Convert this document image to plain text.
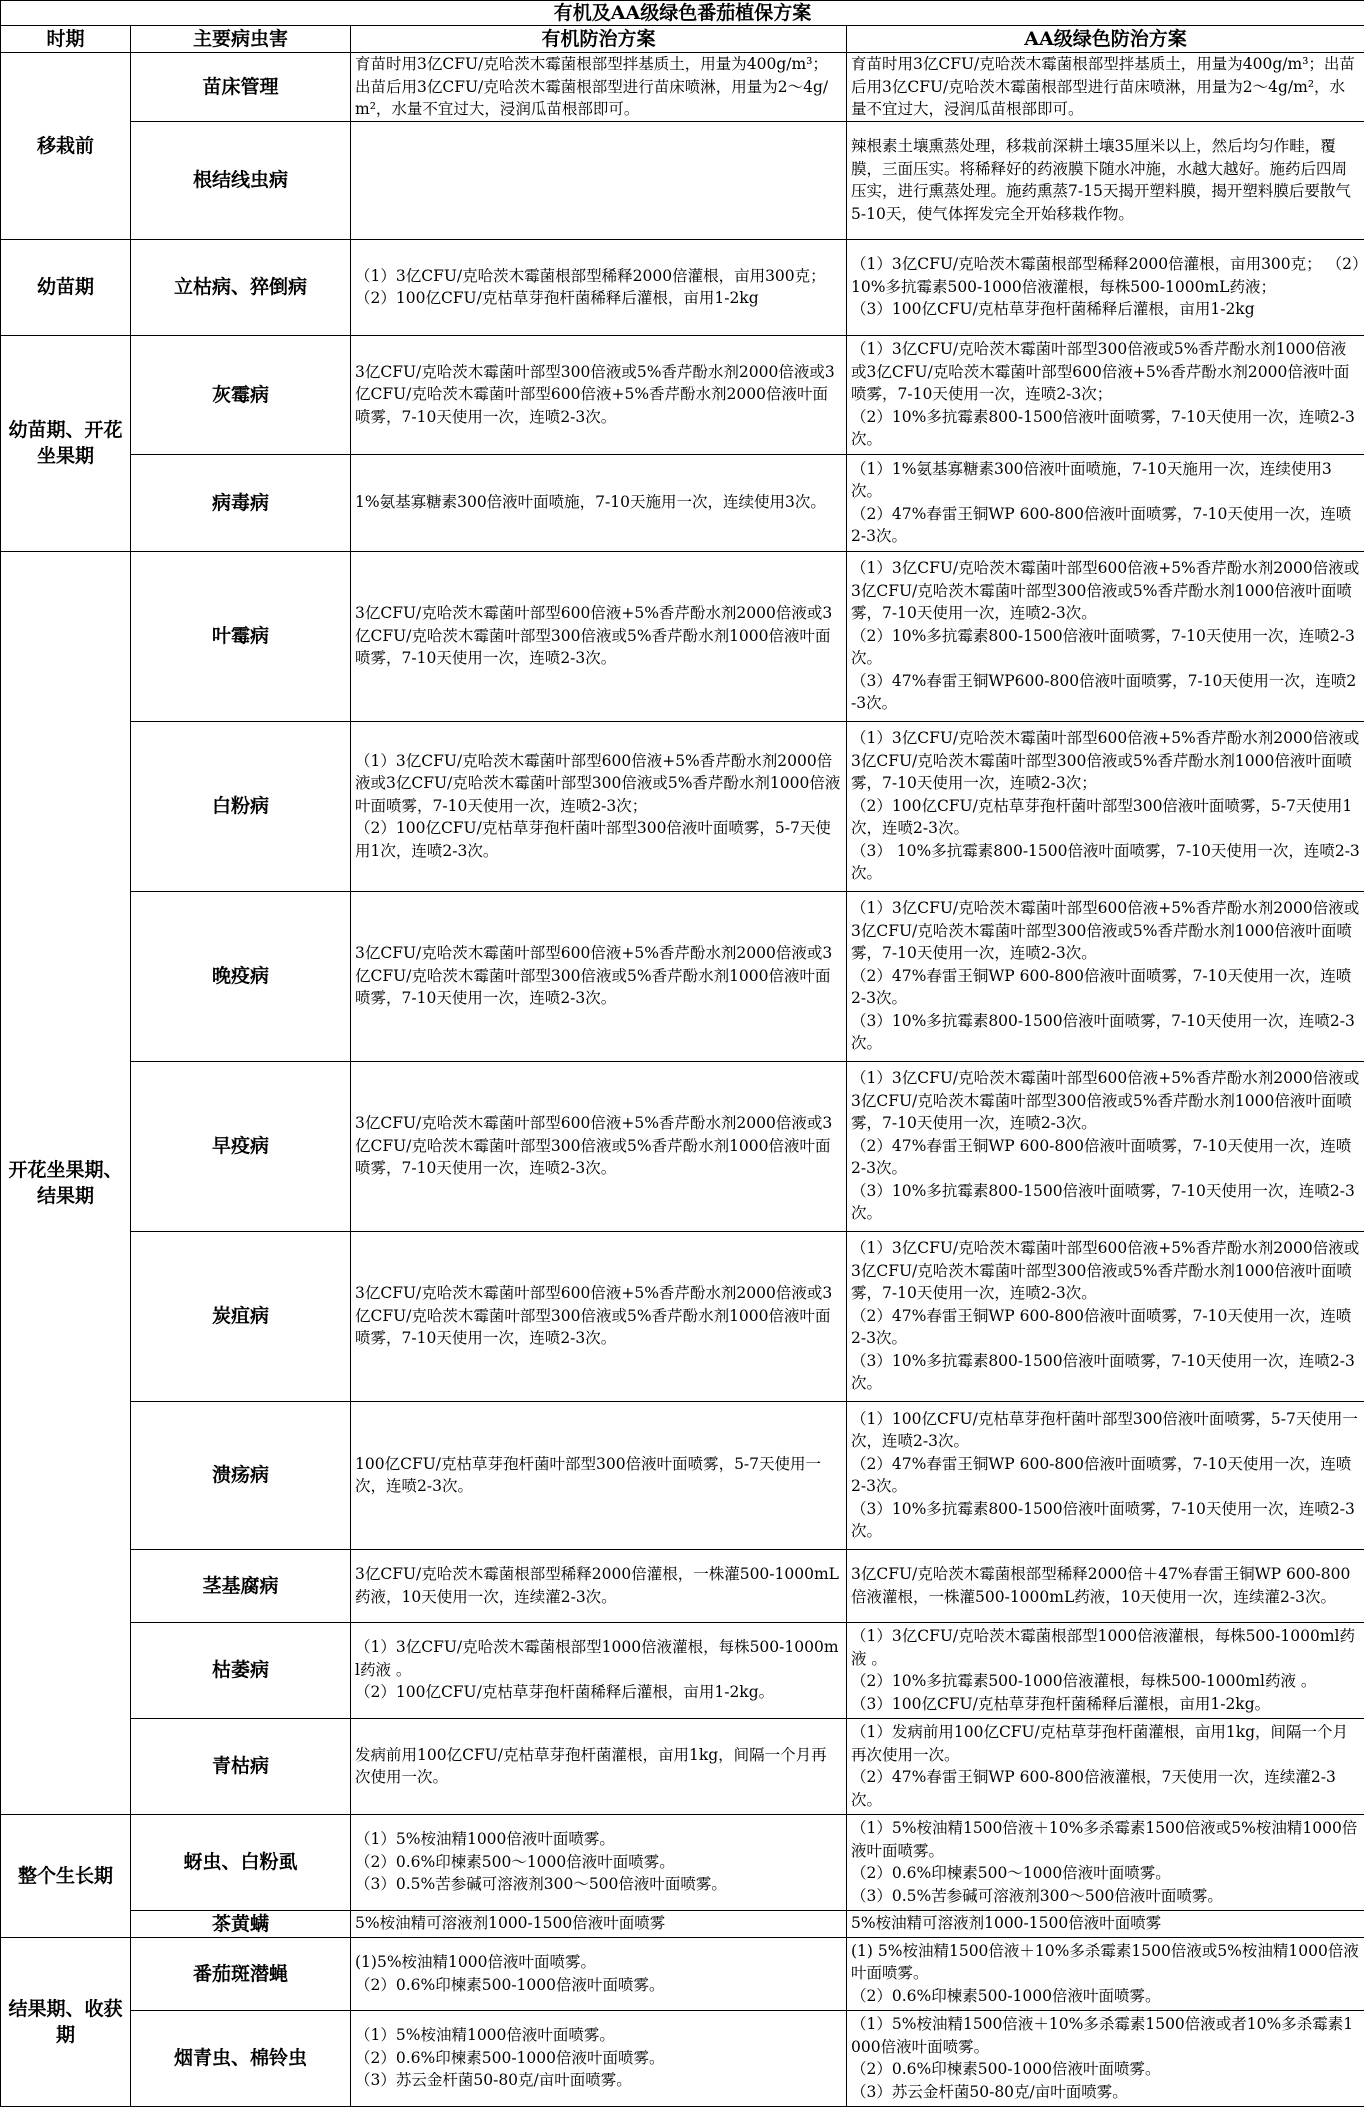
有机及AA级绿色番茄植保方案			
时期	主要病虫害	有机防治方案	AA级绿色防治方案
移栽前	苗床管理	育苗时用3亿CFU/克哈茨木霉菌根部型拌基质土，用量为400g/m³；出苗后用3亿CFU/克哈茨木霉菌根部型进行苗床喷淋，用量为2～4g/m²，水量不宜过大，浸润瓜苗根部即可。	育苗时用3亿CFU/克哈茨木霉菌根部型拌基质土，用量为400g/m³；出苗后用3亿CFU/克哈茨木霉菌根部型进行苗床喷淋，用量为2～4g/m²，水量不宜过大，浸润瓜苗根部即可。
	根结线虫病		辣根素土壤熏蒸处理，移栽前深耕土壤35厘米以上，然后均匀作畦，覆膜，三面压实。将稀释好的药液膜下随水冲施，水越大越好。施药后四周压实，进行熏蒸处理。施药熏蒸7-15天揭开塑料膜，揭开塑料膜后要散气5-10天，使气体挥发完全开始移栽作物。
幼苗期	立枯病、猝倒病	（1）3亿CFU/克哈茨木霉菌根部型稀释2000倍灌根，亩用300克； （2）100亿CFU/克枯草芽孢杆菌稀释后灌根，亩用1-2kg	（1）3亿CFU/克哈茨木霉菌根部型稀释2000倍灌根，亩用300克； （2）10%多抗霉素500-1000倍液灌根，每株500-1000mL药液；
（3）100亿CFU/克枯草芽孢杆菌稀释后灌根，亩用1-2kg
幼苗期、开花坐果期	灰霉病	3亿CFU/克哈茨木霉菌叶部型300倍液或5%香芹酚水剂2000倍液或3亿CFU/克哈茨木霉菌叶部型600倍液+5%香芹酚水剂2000倍液叶面喷雾，7-10天使用一次，连喷2-3次。	（1）3亿CFU/克哈茨木霉菌叶部型300倍液或5%香芹酚水剂1000倍液或3亿CFU/克哈茨木霉菌叶部型600倍液+5%香芹酚水剂2000倍液叶面喷雾，7-10天使用一次，连喷2-3次；
（2）10%多抗霉素800-1500倍液叶面喷雾，7-10天使用一次，连喷2-3次。
	病毒病	1%氨基寡糖素300倍液叶面喷施，7-10天施用一次，连续使用3次。	（1）1%氨基寡糖素300倍液叶面喷施，7-10天施用一次，连续使用3次。
（2）47%春雷王铜WP 600-800倍液叶面喷雾，7-10天使用一次，连喷2-3次。
开花坐果期、结果期	叶霉病	3亿CFU/克哈茨木霉菌叶部型600倍液+5%香芹酚水剂2000倍液或3亿CFU/克哈茨木霉菌叶部型300倍液或5%香芹酚水剂1000倍液叶面喷雾，7-10天使用一次，连喷2-3次。	（1）3亿CFU/克哈茨木霉菌叶部型600倍液+5%香芹酚水剂2000倍液或3亿CFU/克哈茨木霉菌叶部型300倍液或5%香芹酚水剂1000倍液叶面喷雾，7-10天使用一次，连喷2-3次。
（2）10%多抗霉素800-1500倍液叶面喷雾，7-10天使用一次，连喷2-3次。
（3）47%春雷王铜WP600-800倍液叶面喷雾，7-10天使用一次，连喷2-3次。
	白粉病	（1）3亿CFU/克哈茨木霉菌叶部型600倍液+5%香芹酚水剂2000倍液或3亿CFU/克哈茨木霉菌叶部型300倍液或5%香芹酚水剂1000倍液叶面喷雾，7-10天使用一次，连喷2-3次；
（2）100亿CFU/克枯草芽孢杆菌叶部型300倍液叶面喷雾，5-7天使用1次，连喷2-3次。	（1）3亿CFU/克哈茨木霉菌叶部型600倍液+5%香芹酚水剂2000倍液或3亿CFU/克哈茨木霉菌叶部型300倍液或5%香芹酚水剂1000倍液叶面喷雾，7-10天使用一次，连喷2-3次；
（2）100亿CFU/克枯草芽孢杆菌叶部型300倍液叶面喷雾，5-7天使用1次，连喷2-3次。
（3） 10%多抗霉素800-1500倍液叶面喷雾，7-10天使用一次，连喷2-3次。
	晚疫病	3亿CFU/克哈茨木霉菌叶部型600倍液+5%香芹酚水剂2000倍液或3亿CFU/克哈茨木霉菌叶部型300倍液或5%香芹酚水剂1000倍液叶面喷雾，7-10天使用一次，连喷2-3次。	（1）3亿CFU/克哈茨木霉菌叶部型600倍液+5%香芹酚水剂2000倍液或3亿CFU/克哈茨木霉菌叶部型300倍液或5%香芹酚水剂1000倍液叶面喷雾，7-10天使用一次，连喷2-3次。
（2）47%春雷王铜WP 600-800倍液叶面喷雾，7-10天使用一次，连喷2-3次。
（3）10%多抗霉素800-1500倍液叶面喷雾，7-10天使用一次，连喷2-3次。
	早疫病	3亿CFU/克哈茨木霉菌叶部型600倍液+5%香芹酚水剂2000倍液或3亿CFU/克哈茨木霉菌叶部型300倍液或5%香芹酚水剂1000倍液叶面喷雾，7-10天使用一次，连喷2-3次。	（1）3亿CFU/克哈茨木霉菌叶部型600倍液+5%香芹酚水剂2000倍液或3亿CFU/克哈茨木霉菌叶部型300倍液或5%香芹酚水剂1000倍液叶面喷雾，7-10天使用一次，连喷2-3次。
（2）47%春雷王铜WP 600-800倍液叶面喷雾，7-10天使用一次，连喷2-3次。
（3）10%多抗霉素800-1500倍液叶面喷雾，7-10天使用一次，连喷2-3次。
	炭疽病	3亿CFU/克哈茨木霉菌叶部型600倍液+5%香芹酚水剂2000倍液或3亿CFU/克哈茨木霉菌叶部型300倍液或5%香芹酚水剂1000倍液叶面喷雾，7-10天使用一次，连喷2-3次。	（1）3亿CFU/克哈茨木霉菌叶部型600倍液+5%香芹酚水剂2000倍液或3亿CFU/克哈茨木霉菌叶部型300倍液或5%香芹酚水剂1000倍液叶面喷雾，7-10天使用一次，连喷2-3次。
（2）47%春雷王铜WP 600-800倍液叶面喷雾，7-10天使用一次，连喷2-3次。
（3）10%多抗霉素800-1500倍液叶面喷雾，7-10天使用一次，连喷2-3次。
	溃疡病	100亿CFU/克枯草芽孢杆菌叶部型300倍液叶面喷雾，5-7天使用一次，连喷2-3次。	（1）100亿CFU/克枯草芽孢杆菌叶部型300倍液叶面喷雾，5-7天使用一次，连喷2-3次。
（2）47%春雷王铜WP 600-800倍液叶面喷雾，7-10天使用一次，连喷2-3次。
（3）10%多抗霉素800-1500倍液叶面喷雾，7-10天使用一次，连喷2-3次。
	茎基腐病	3亿CFU/克哈茨木霉菌根部型稀释2000倍灌根，一株灌500-1000mL药液，10天使用一次，连续灌2-3次。	3亿CFU/克哈茨木霉菌根部型稀释2000倍＋47%春雷王铜WP 600-800倍液灌根，一株灌500-1000mL药液，10天使用一次，连续灌2-3次。
	枯萎病	（1）3亿CFU/克哈茨木霉菌根部型1000倍液灌根，每株500-1000ml药液 。
（2）100亿CFU/克枯草芽孢杆菌稀释后灌根，亩用1-2kg。	（1）3亿CFU/克哈茨木霉菌根部型1000倍液灌根，每株500-1000ml药液 。
（2）10%多抗霉素500-1000倍液灌根，每株500-1000ml药液 。
（3）100亿CFU/克枯草芽孢杆菌稀释后灌根，亩用1-2kg。
	青枯病	发病前用100亿CFU/克枯草芽孢杆菌灌根，亩用1kg，间隔一个月再次使用一次。	（1）发病前用100亿CFU/克枯草芽孢杆菌灌根，亩用1kg，间隔一个月再次使用一次。
（2）47%春雷王铜WP 600-800倍液灌根，7天使用一次，连续灌2-3次。
整个生长期	蚜虫、白粉虱	（1）5%桉油精1000倍液叶面喷雾。
（2）0.6%印楝素500～1000倍液叶面喷雾。
（3）0.5%苦参碱可溶液剂300～500倍液叶面喷雾。	（1）5%桉油精1500倍液＋10%多杀霉素1500倍液或5%桉油精1000倍液叶面喷雾。
（2）0.6%印楝素500～1000倍液叶面喷雾。
（3）0.5%苦参碱可溶液剂300～500倍液叶面喷雾。
	茶黄螨	5%桉油精可溶液剂1000-1500倍液叶面喷雾	5%桉油精可溶液剂1000-1500倍液叶面喷雾
结果期、收获期	番茄斑潜蝇	(1)5%桉油精1000倍液叶面喷雾。
（2）0.6%印楝素500-1000倍液叶面喷雾。	(1) 5%桉油精1500倍液＋10%多杀霉素1500倍液或5%桉油精1000倍液叶面喷雾。
（2）0.6%印楝素500-1000倍液叶面喷雾。
	烟青虫、棉铃虫	（1）5%桉油精1000倍液叶面喷雾。
（2）0.6%印楝素500-1000倍液叶面喷雾。
（3）苏云金杆菌50-80克/亩叶面喷雾。	（1）5%桉油精1500倍液＋10%多杀霉素1500倍液或者10%多杀霉素1000倍液叶面喷雾。
（2）0.6%印楝素500-1000倍液叶面喷雾。
（3）苏云金杆菌50-80克/亩叶面喷雾。
